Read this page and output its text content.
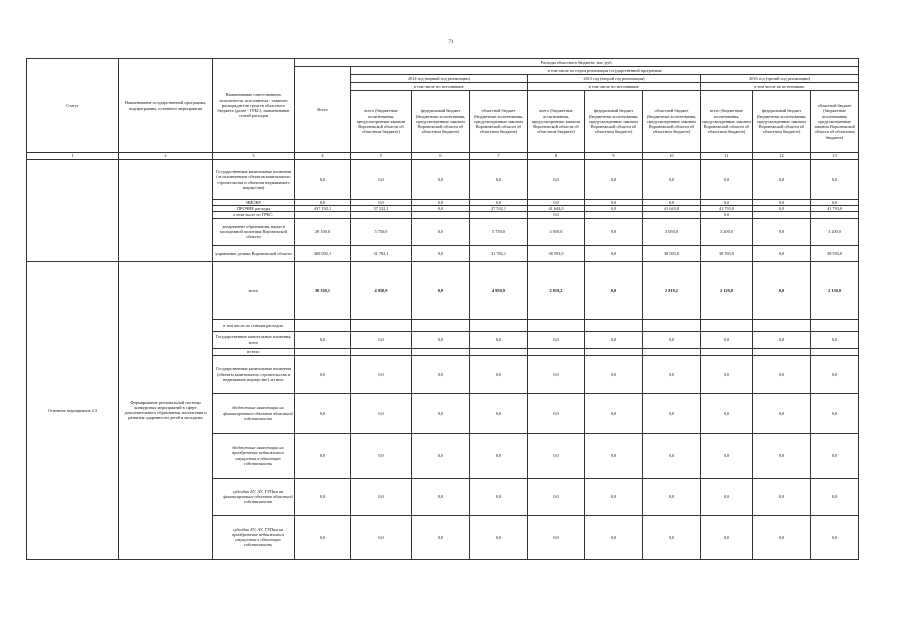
71
Статус	Наименование государственной программы, подпрограммы, основного мероприятия	Наименование ответственного исполнителя, исполнителя - главного распорядителя средств областного бюджета (далее - ГРБС), наименование статей расходов	Расходы областного бюджета, тыс. руб.									
			Всего	в том числе по годам реализации государственной программы								
				2014 год (первый год реализации)			2015 год (второй год реализации)			2016 год (третий год реализации)		
				в том числе по источникам:			в том числе по источникам:			в том числе по источникам:		
				всего (бюджетные ассигнования, предусмотренные законом Воронежской области об областном бюджете)	федеральный бюджет (бюджетные ассигнования, предусмотренные законом Воронежской области об областном бюджете)	областной бюджет (бюджетные ассигнования, предусмотренные законом Воронежской области об областном бюджете)	всего (бюджетные ассигнования, предусмотренные законом Воронежской области об областном бюджете)	федеральный бюджет (бюджетные ассигнования, предусмотренные законом Воронежской области об областном бюджете)	областной бюджет (бюджетные ассигнования, предусмотренные законом Воронежской области об областном бюджете)	всего (бюджетные ассигнования, предусмотренные законом Воронежской области об областном бюджете)	федеральный бюджет (бюджетные ассигнования, предусмотренные законом Воронежской области об областном бюджете)	областной бюджет (бюджетные ассигнования, предусмотренные законом Воронежской области об областном бюджете)
1	2	3	4	5	6	7	8	9	10	11	12	13
		Государственные капитальные вложения (за исключением объектов капитального строительства и объектов недвижимого имущества)	0,0	0,0	0,0	0,0	0,0	0,0	0,0	0,0	0,0	0,0
		НИОКР	0,0	0,0	0,0	0,0	0,0	0,0	0,0	0,0	0,0	0,0
		ПРОЧИЕ расходы	437 192,1	37 532,1	0,0	37 532,1	41 643,0	0,0	41 643,0	41 793,0	0,0	41 793,0
		в том числе по ГРБС:					0,0			0,0		
		департамент образования, науки и молодежной политики Воронежской области	29 100,0	5 750,0	0,0	5 750,0	3 050,0	0,0	3 050,0	3 200,0	0,0	3 200,0
		управление делами Воронежской области	408 092,1	31 782,1	0,0	31 782,1	38 593,0	0,0	38 593,0	38 593,0	0,0	38 593,0
Основное мероприятие 2.3	Формирование региональной системы конкурсных мероприятий в сфере дополнительного образования, воспитания и развития одаренности детей и молодежи	всего	30 330,1	4 950,9	0,0	4 950,9	2 819,2	0,0	2 819,2	2 130,0	0,0	2 130,0
		в том числе по статьям расходов:										
		Государственные капитальные вложения, всего	0,0	0,0	0,0	0,0	0,0	0,0	0,0	0,0	0,0	0,0
		из них:										
		Государственные капитальные вложения (объекты капитального строительства и недвижимое имущество), из них:	0,0	0,0	0,0	0,0	0,0	0,0	0,0	0,0	0,0	0,0
		бюджетные инвестиции на финансирование объектов областной собственности	0,0	0,0	0,0	0,0	0,0	0,0	0,0	0,0	0,0	0,0
		бюджетные инвестиции на приобретение недвижимого имущества в областную собственность	0,0	0,0	0,0	0,0	0,0	0,0	0,0	0,0	0,0	0,0
		субсидии БУ, АУ, ГУПам на финансирование объектов областной собственности	0,0	0,0	0,0	0,0	0,0	0,0	0,0	0,0	0,0	0,0
		субсидии БУ, АУ, ГУПам на приобретение недвижимого имущества в областную собственность	0,0	0,0	0,0	0,0	0,0	0,0	0,0	0,0	0,0	0,0
